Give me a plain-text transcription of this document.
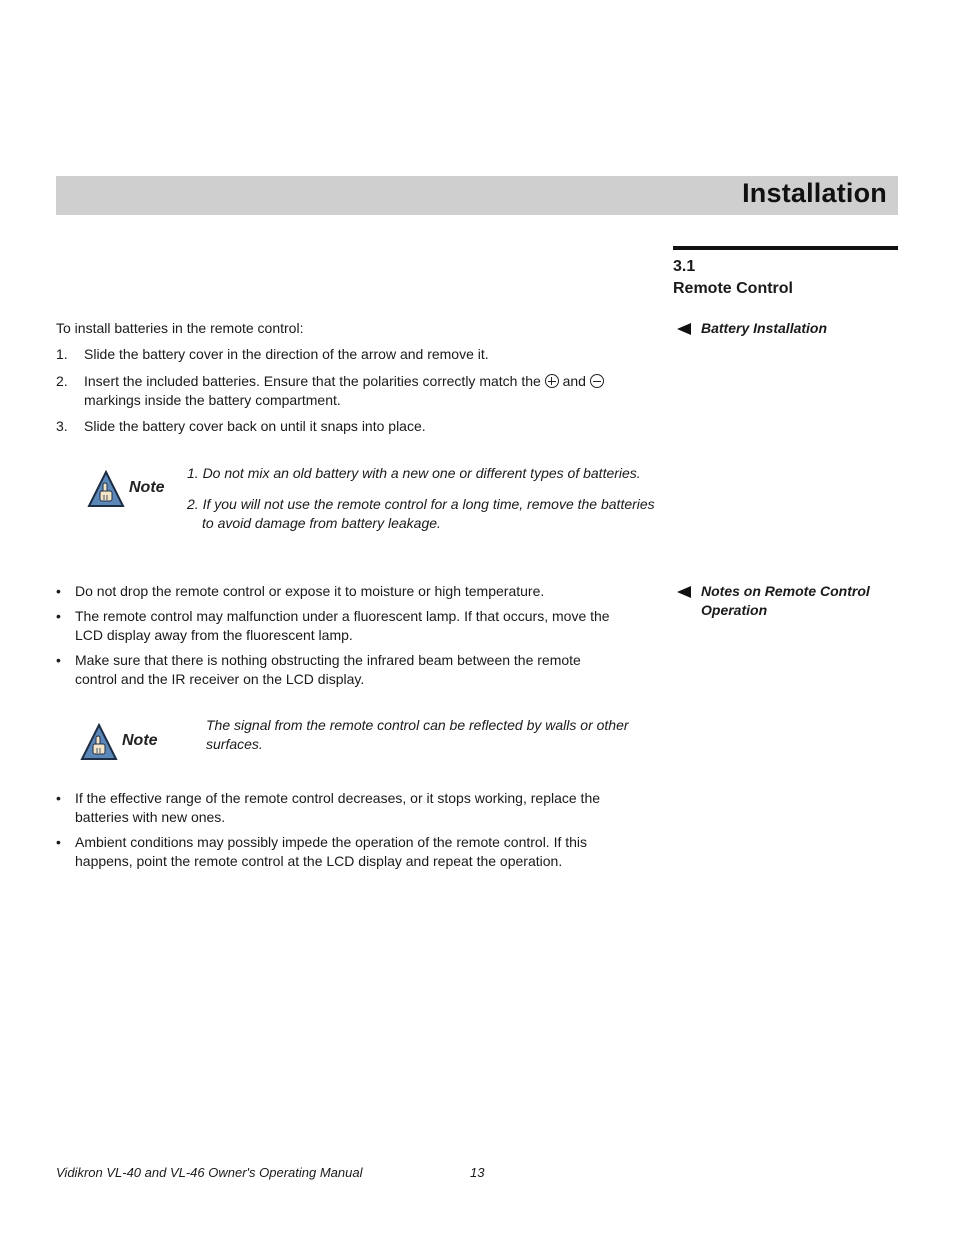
Installation
3.1
Remote Control
Battery Installation
To install batteries in the remote control:
1. Slide the battery cover in the direction of the arrow and remove it.
2. Insert the included batteries. Ensure that the polarities correctly match the and
markings inside the battery compartment.
3. Slide the battery cover back on until it snaps into place.
Note
1. Do not mix an old battery with a new one or different types of batteries.
2. If you will not use the remote control for a long time, remove the batteries
to avoid damage from battery leakage.
Notes on Remote Control
Operation
• Do not drop the remote control or expose it to moisture or high temperature.
• The remote control may malfunction under a fluorescent lamp. If that occurs, move the
LCD display away from the fluorescent lamp.
• Make sure that there is nothing obstructing the infrared beam between the remote
control and the IR receiver on the LCD display.
Note
The signal from the remote control can be reflected by walls or other
surfaces.
• If the effective range of the remote control decreases, or it stops working, replace the
batteries with new ones.
• Ambient conditions may possibly impede the operation of the remote control. If this
happens, point the remote control at the LCD display and repeat the operation.
Vidikron VL-40 and VL-46 Owner's Operating Manual	13
